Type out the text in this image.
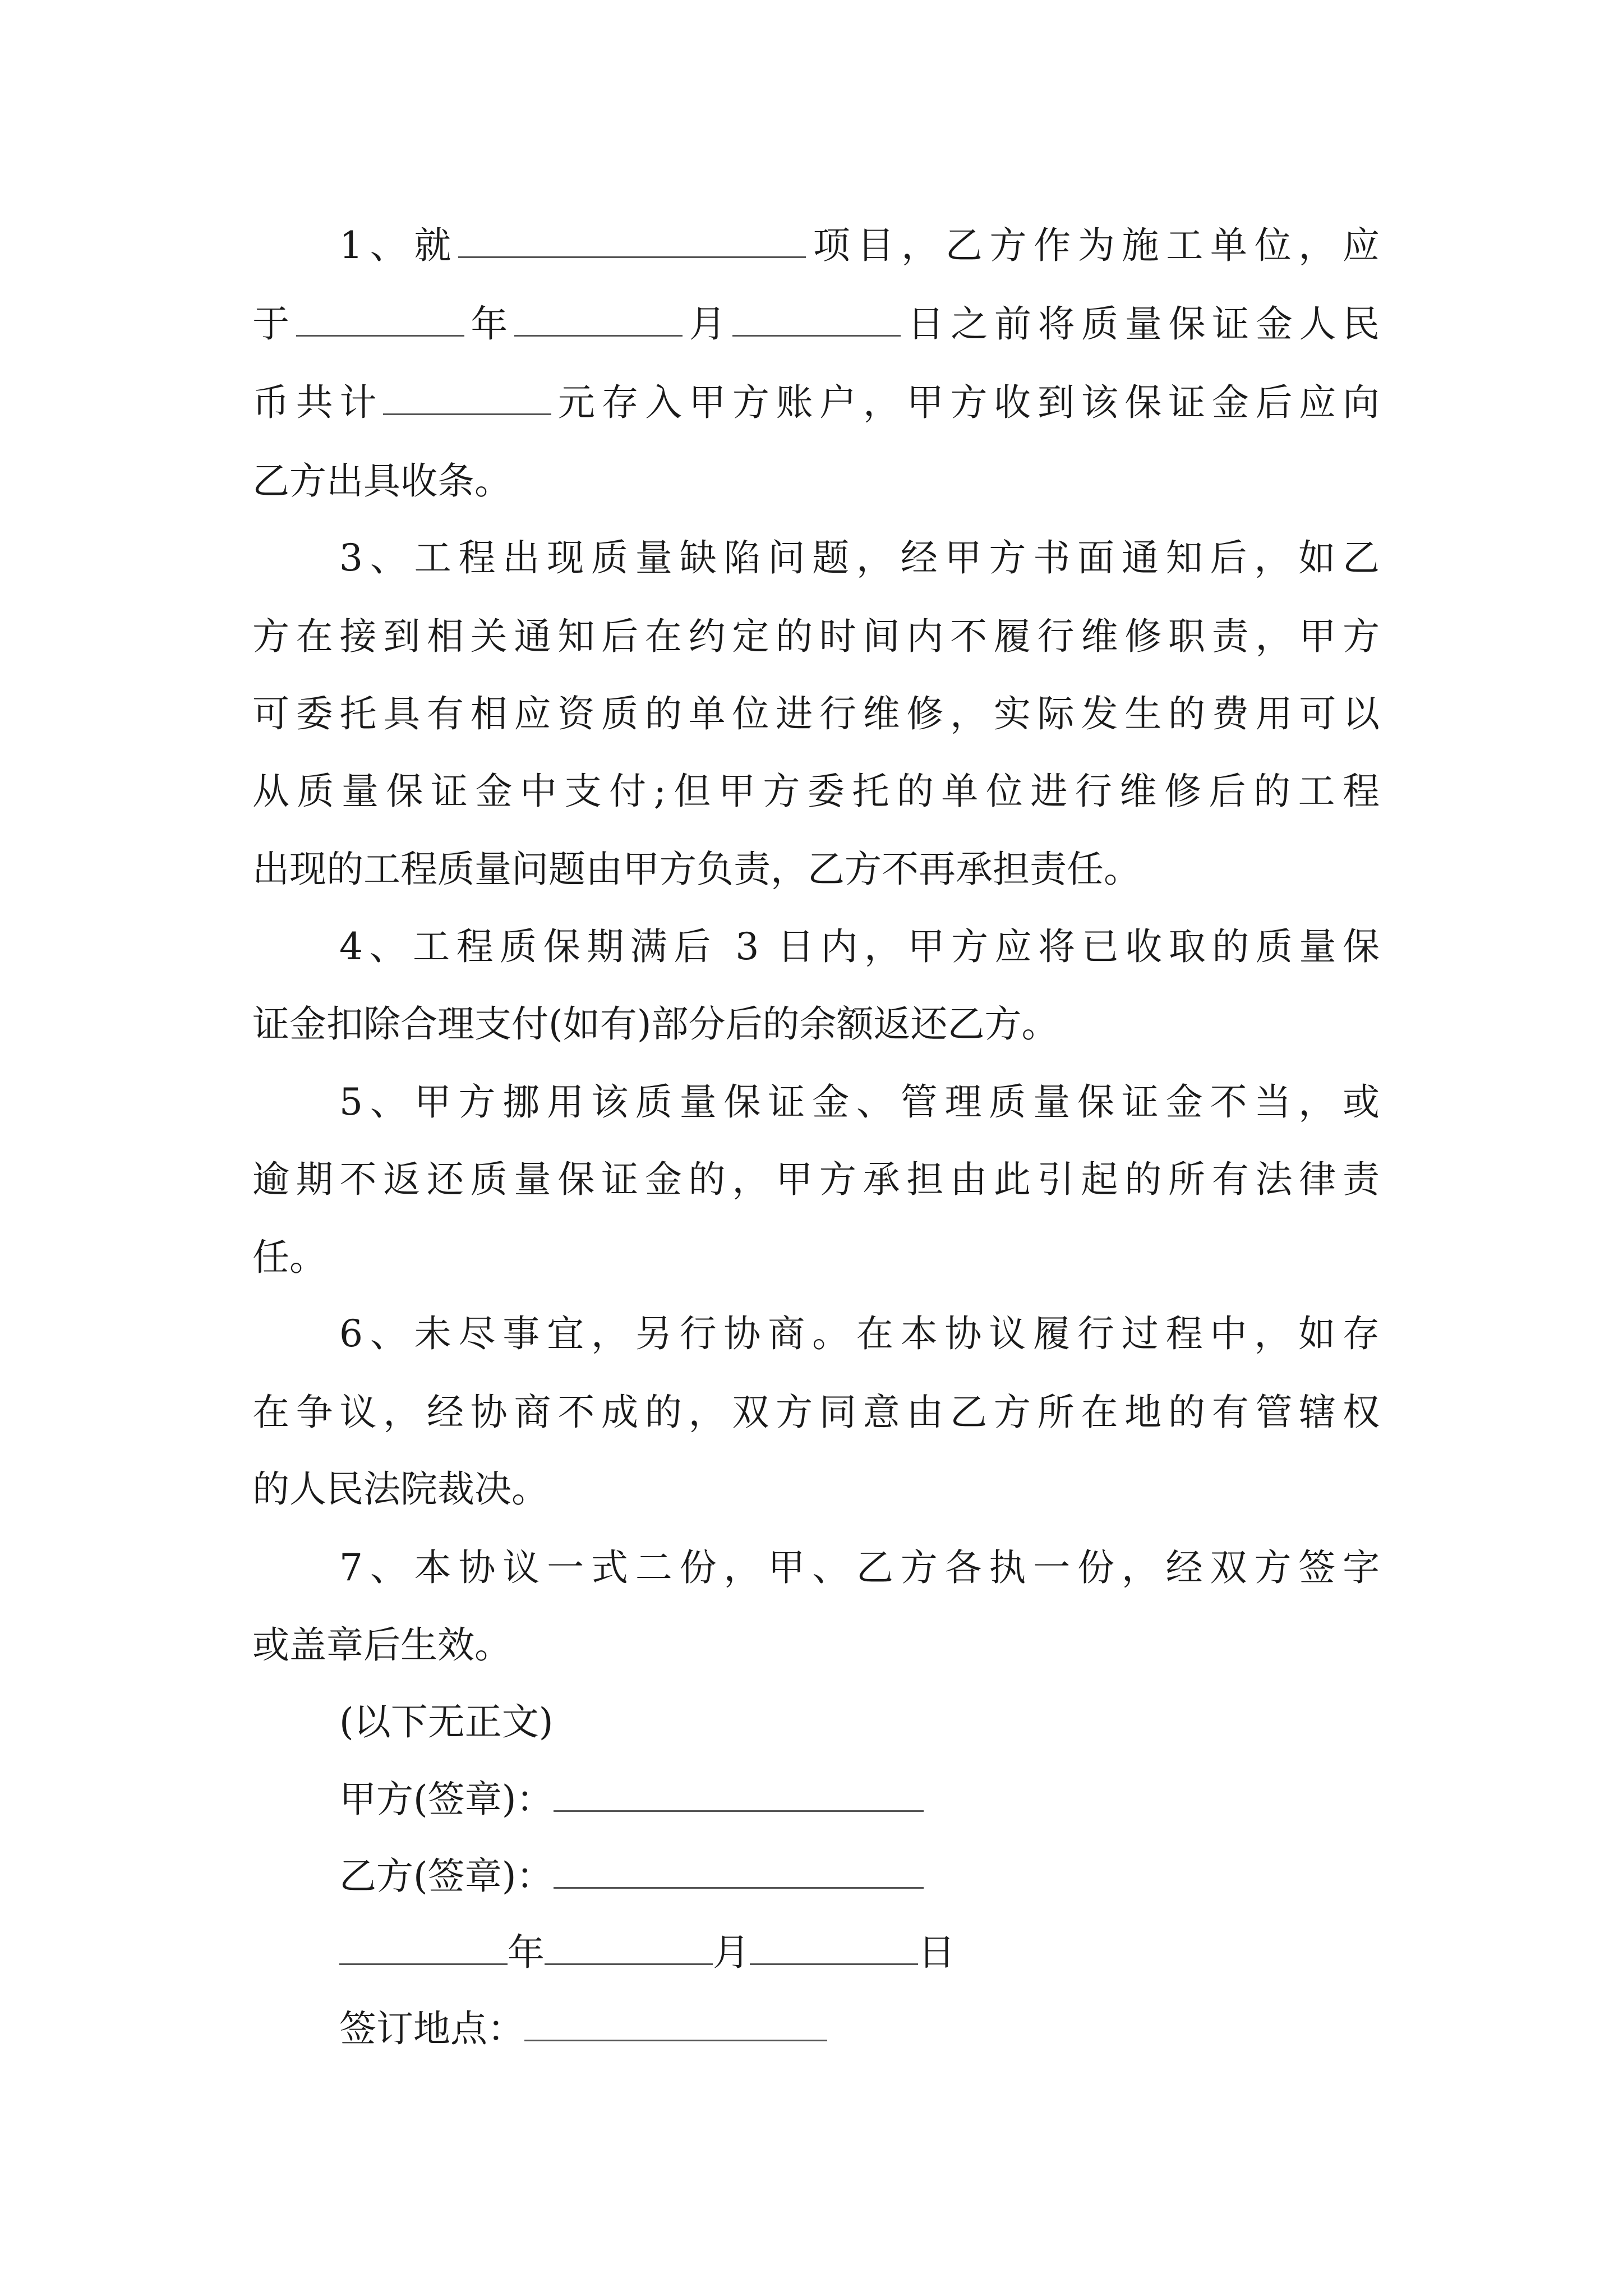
1、就	项目，乙方作为施工单位，应
于	年	月	日之前将质量保证金人民
币共计	元存入甲方账户，甲方收到该保证金后应向
乙方出具收条。
3、工程出现质量缺陷问题，经甲方书面通知后，如乙
方在接到相关通知后在约定的时间内不履行维修职责，甲方
可委托具有相应资质的单位进行维修，实际发生的费用可以
从质量保证金中支付;但甲方委托的单位进行维修后的工程
出现的工程质量问题由甲方负责，乙方不再承担责任。
4、工程质保期满后 3 日内，甲方应将已收取的质量保
证金扣除合理支付(如有)部分后的余额返还乙方。
5、甲方挪用该质量保证金、管理质量保证金不当，或
逾期不返还质量保证金的，甲方承担由此引起的所有法律责
任。
6、未尽事宜，另行协商。在本协议履行过程中，如存
在争议，经协商不成的，双方同意由乙方所在地的有管辖权
的人民法院裁决。
7、本协议一式二份，甲、乙方各执一份，经双方签字
或盖章后生效。
(以下无正文)
甲方(签章)：
乙方(签章)：
年	月	日
签订地点：
